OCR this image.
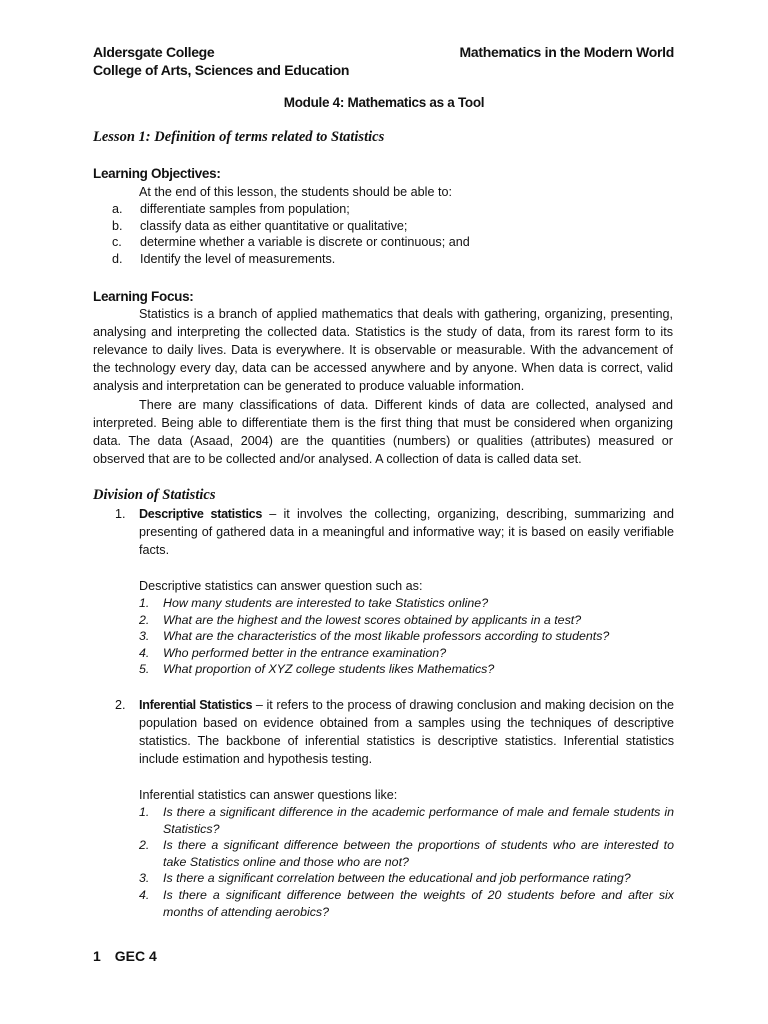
Aldersgate College
College of Arts, Sciences and Education
Mathematics in the Modern World
Module 4: Mathematics as a Tool
Lesson 1: Definition of terms related to Statistics
Learning Objectives:
At the end of this lesson, the students should be able to:
a. differentiate samples from population;
b. classify data as either quantitative or qualitative;
c. determine whether a variable is discrete or continuous; and
d. Identify the level of measurements.
Learning Focus:
Statistics is a branch of applied mathematics that deals with gathering, organizing, presenting, analysing and interpreting the collected data. Statistics is the study of data, from its rarest form to its relevance to daily lives. Data is everywhere. It is observable or measurable. With the advancement of the technology every day, data can be accessed anywhere and by anyone. When data is correct, valid analysis and interpretation can be generated to produce valuable information.
There are many classifications of data. Different kinds of data are collected, analysed and interpreted. Being able to differentiate them is the first thing that must be considered when organizing data. The data (Asaad, 2004) are the quantities (numbers) or qualities (attributes) measured or observed that are to be collected and/or analysed. A collection of data is called data set.
Division of Statistics
1. Descriptive statistics – it involves the collecting, organizing, describing, summarizing and presenting of gathered data in a meaningful and informative way; it is based on easily verifiable facts.
Descriptive statistics can answer question such as:
1. How many students are interested to take Statistics online?
2. What are the highest and the lowest scores obtained by applicants in a test?
3. What are the characteristics of the most likable professors according to students?
4. Who performed better in the entrance examination?
5. What proportion of XYZ college students likes Mathematics?
2. Inferential Statistics – it refers to the process of drawing conclusion and making decision on the population based on evidence obtained from a samples using the techniques of descriptive statistics. The backbone of inferential statistics is descriptive statistics. Inferential statistics include estimation and hypothesis testing.
Inferential statistics can answer questions like:
1. Is there a significant difference in the academic performance of male and female students in Statistics?
2. Is there a significant difference between the proportions of students who are interested to take Statistics online and those who are not?
3. Is there a significant correlation between the educational and job performance rating?
4. Is there a significant difference between the weights of 20 students before and after six months of attending aerobics?
1 GEC 4
